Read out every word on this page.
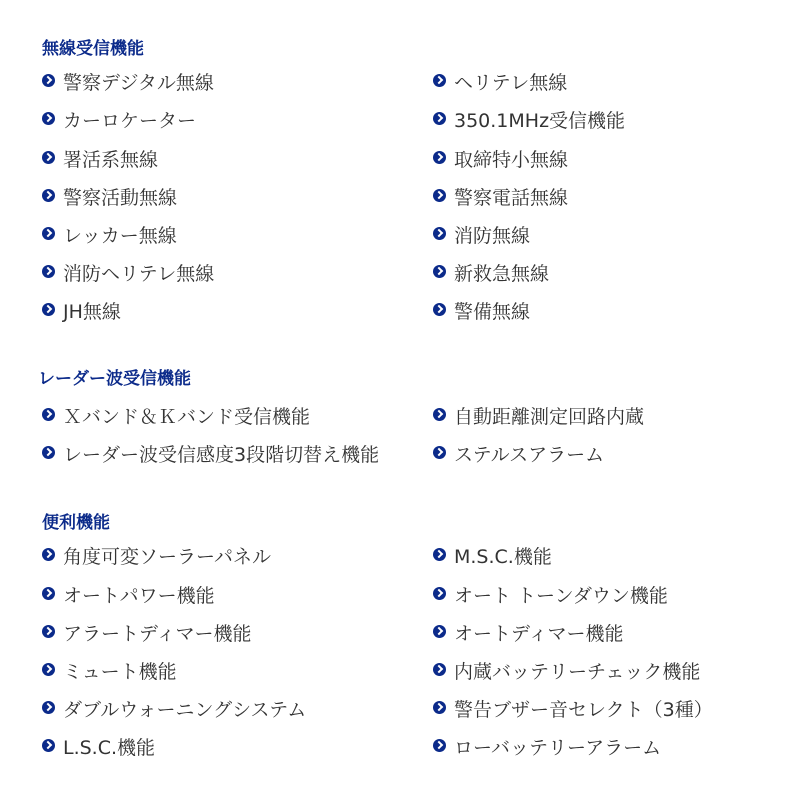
無線受信機能
警察デジタル無線	ヘリテレ無線
カーロケーター	350.1MHz受信機能
署活系無線	取締特小無線
警察活動無線	警察電話無線
レッカー無線	消防無線
消防ヘリテレ無線	新救急無線
JH無線	警備無線
レーダー波受信機能
Ｘバンド＆Ｋバンド受信機能	自動距離測定回路内蔵
レーダー波受信感度3段階切替え機能	ステルスアラーム
便利機能
角度可変ソーラーパネル	M.S.C.機能
オートパワー機能	オート トーンダウン機能
アラートディマー機能	オートディマー機能
ミュート機能	内蔵バッテリーチェック機能
ダブルウォーニングシステム	警告ブザー音セレクト（3種）
L.S.C.機能	ローバッテリーアラーム
